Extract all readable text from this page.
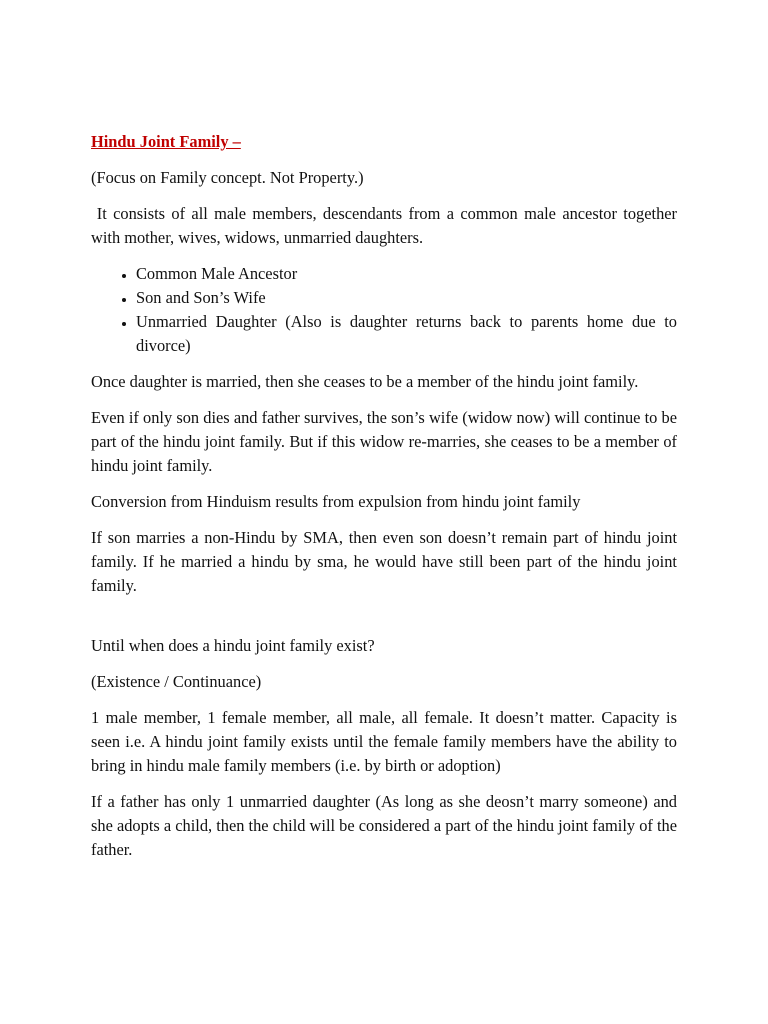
Hindu Joint Family –

(Focus on Family concept. Not Property.)

It consists of all male members, descendants from a common male ancestor together with mother, wives, widows, unmarried daughters.

• Common Male Ancestor
• Son and Son’s Wife
• Unmarried Daughter (Also is daughter returns back to parents home due to divorce)

Once daughter is married, then she ceases to be a member of the hindu joint family.

Even if only son dies and father survives, the son’s wife (widow now) will continue to be part of the hindu joint family. But if this widow re-marries, she ceases to be a member of hindu joint family.

Conversion from Hinduism results from expulsion from hindu joint family

If son marries a non-Hindu by SMA, then even son doesn’t remain part of hindu joint family. If he married a hindu by sma, he would have still been part of the hindu joint family.

Until when does a hindu joint family exist?

(Existence / Continuance)

1 male member, 1 female member, all male, all female. It doesn’t matter. Capacity is seen i.e. A hindu joint family exists until the female family members have the ability to bring in hindu male family members (i.e. by birth or adoption)

If a father has only 1 unmarried daughter (As long as she deosn’t marry someone) and she adopts a child, then the child will be considered a part of the hindu joint family of the father.
